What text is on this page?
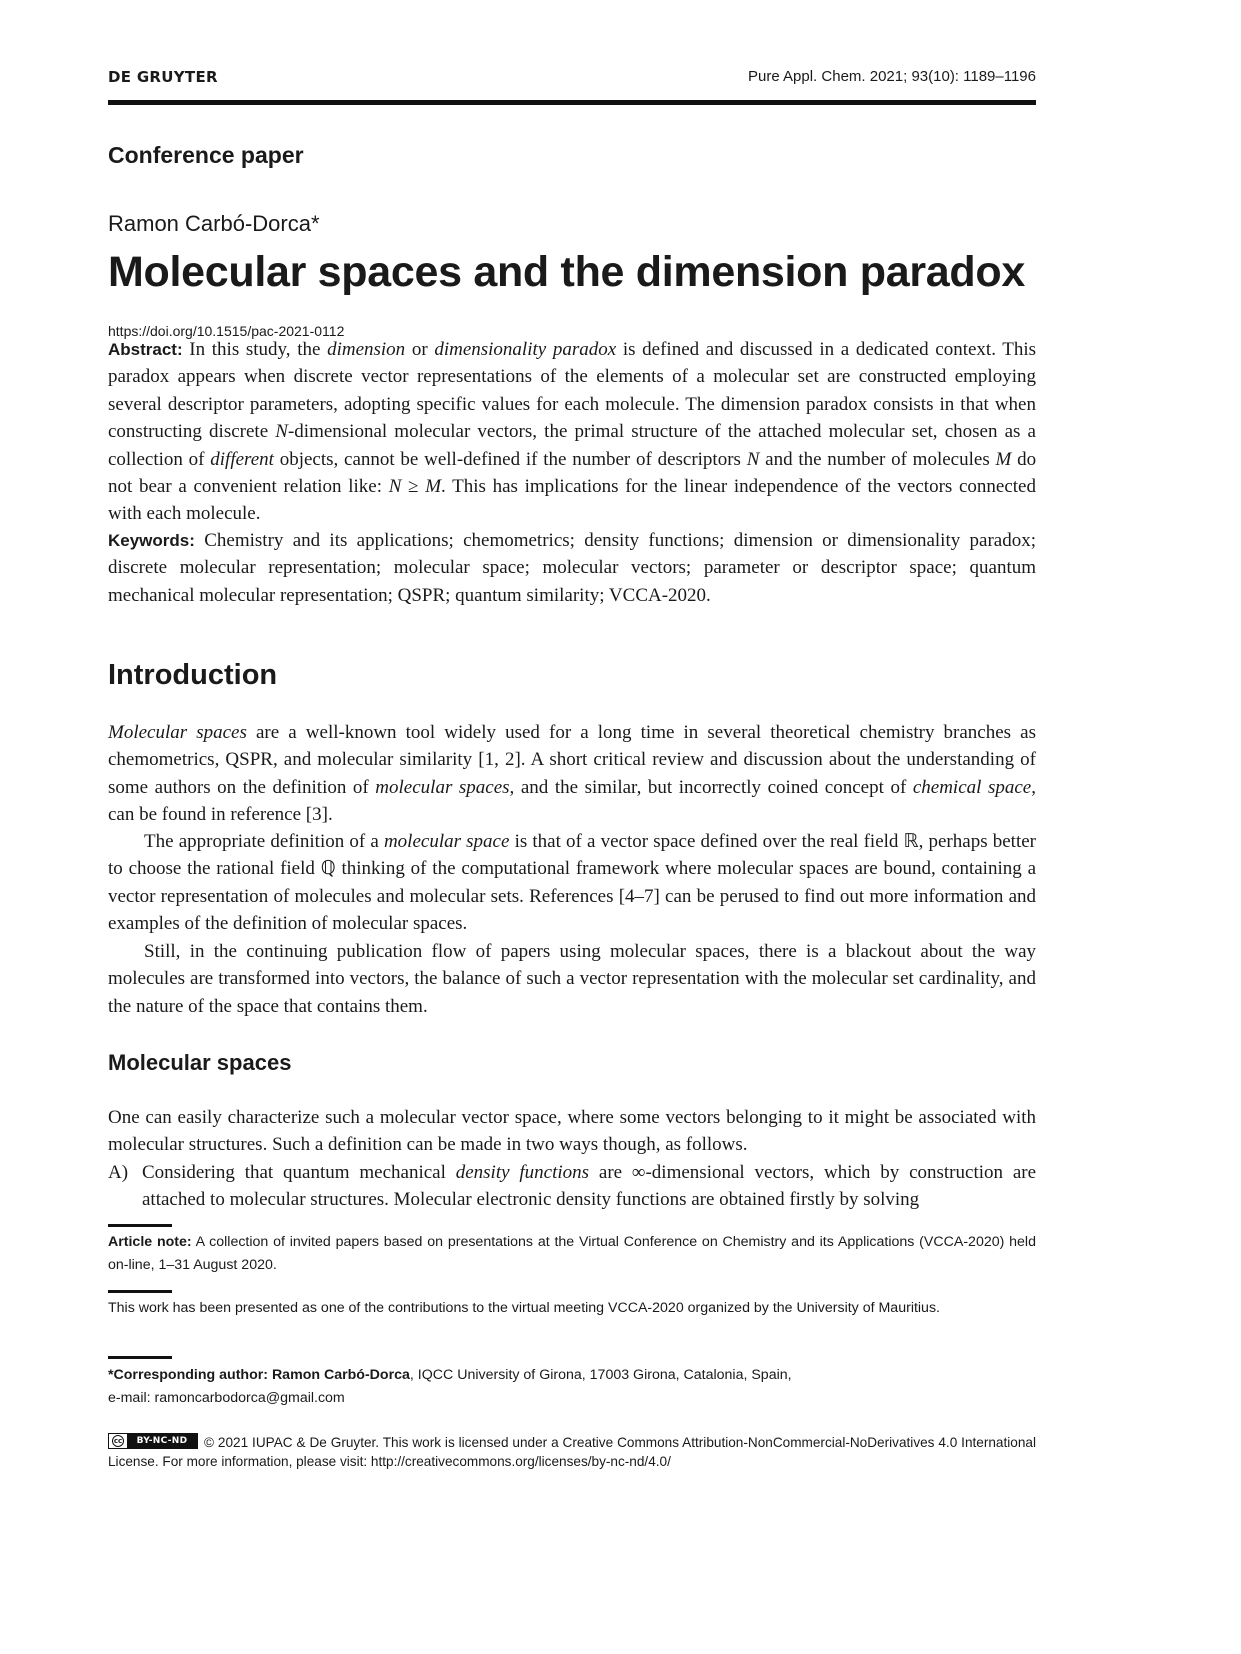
DE GRUYTER	Pure Appl. Chem. 2021; 93(10): 1189–1196
Conference paper
Ramon Carbó-Dorca*
Molecular spaces and the dimension paradox
https://doi.org/10.1515/pac-2021-0112

Abstract: In this study, the dimension or dimensionality paradox is defined and discussed in a dedicated context. This paradox appears when discrete vector representations of the elements of a molecular set are constructed employing several descriptor parameters, adopting specific values for each molecule. The dimension paradox consists in that when constructing discrete N-dimensional molecular vectors, the primal structure of the attached molecular set, chosen as a collection of different objects, cannot be well-defined if the number of descriptors N and the number of molecules M do not bear a convenient relation like: N ≥ M. This has implications for the linear independence of the vectors connected with each molecule.

Keywords: Chemistry and its applications; chemometrics; density functions; dimension or dimensionality paradox; discrete molecular representation; molecular space; molecular vectors; parameter or descriptor space; quantum mechanical molecular representation; QSPR; quantum similarity; VCCA-2020.

Introduction

Molecular spaces are a well-known tool widely used for a long time in several theoretical chemistry branches as chemometrics, QSPR, and molecular similarity [1, 2]. A short critical review and discussion about the understanding of some authors on the definition of molecular spaces, and the similar, but incorrectly coined concept of chemical space, can be found in reference [3].

The appropriate definition of a molecular space is that of a vector space defined over the real field ℝ, perhaps better to choose the rational field ℚ thinking of the computational framework where molecular spaces are bound, containing a vector representation of molecules and molecular sets. References [4–7] can be perused to find out more information and examples of the definition of molecular spaces.

Still, in the continuing publication flow of papers using molecular spaces, there is a blackout about the way molecules are transformed into vectors, the balance of such a vector representation with the molecular set cardinality, and the nature of the space that contains them.

Molecular spaces

One can easily characterize such a molecular vector space, where some vectors belonging to it might be associated with molecular structures. Such a definition can be made in two ways though, as follows.

A) Considering that quantum mechanical density functions are ∞-dimensional vectors, which by construction are attached to molecular structures. Molecular electronic density functions are obtained firstly by solving

Article note: A collection of invited papers based on presentations at the Virtual Conference on Chemistry and its Applications (VCCA-2020) held on-line, 1–31 August 2020.

This work has been presented as one of the contributions to the virtual meeting VCCA-2020 organized by the University of Mauritius.

*Corresponding author: Ramon Carbó-Dorca, IQCC University of Girona, 17003 Girona, Catalonia, Spain,
e-mail: ramoncarbodorca@gmail.com

cc	BY-NC-ND	© 2021 IUPAC & De Gruyter. This work is licensed under a Creative Commons Attribution-NonCommercial-NoDerivatives 4.0 International License. For more information, please visit: http://creativecommons.org/licenses/by-nc-nd/4.0/
